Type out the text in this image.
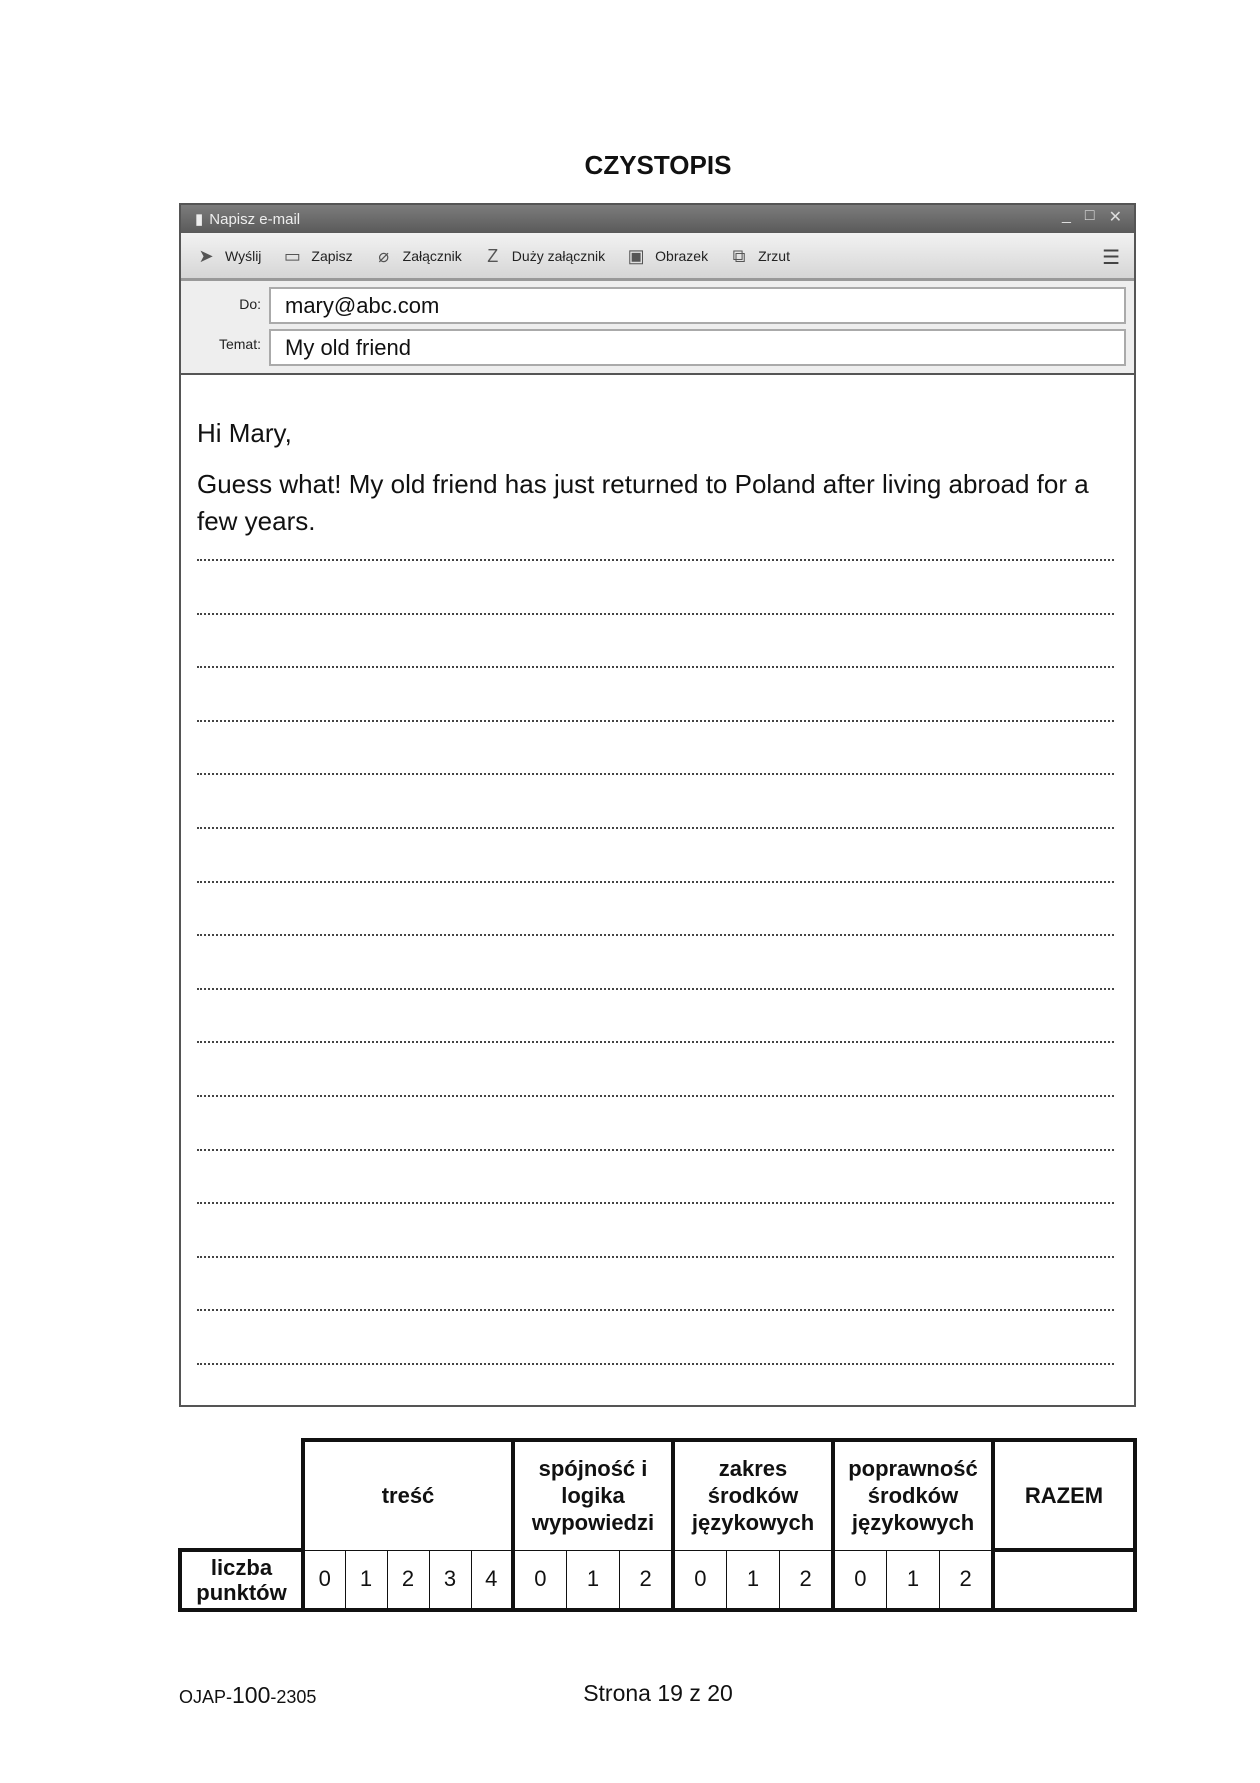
CZYSTOPIS
▮ Napisz e-mail	_ □ ✕
➤ Wyślij ▭ Zapisz	⌀ Załącznik	Z Duży załącznik ▣ Obrazek ⧉ Zrzut	☰
Do:	mary@abc.com
Temat:	My old friend
Hi Mary,
Guess what! My old friend has just returned to Poland after living abroad for a few years.
	treść					spójność i logika wypowiedzi			zakres środków językowych			poprawność środków językowych			RAZEM
liczba punktów	0	1	2	3	4	0	1	2	0	1	2	0	1	2	
OJAP-100-2305	Strona 19 z 20
